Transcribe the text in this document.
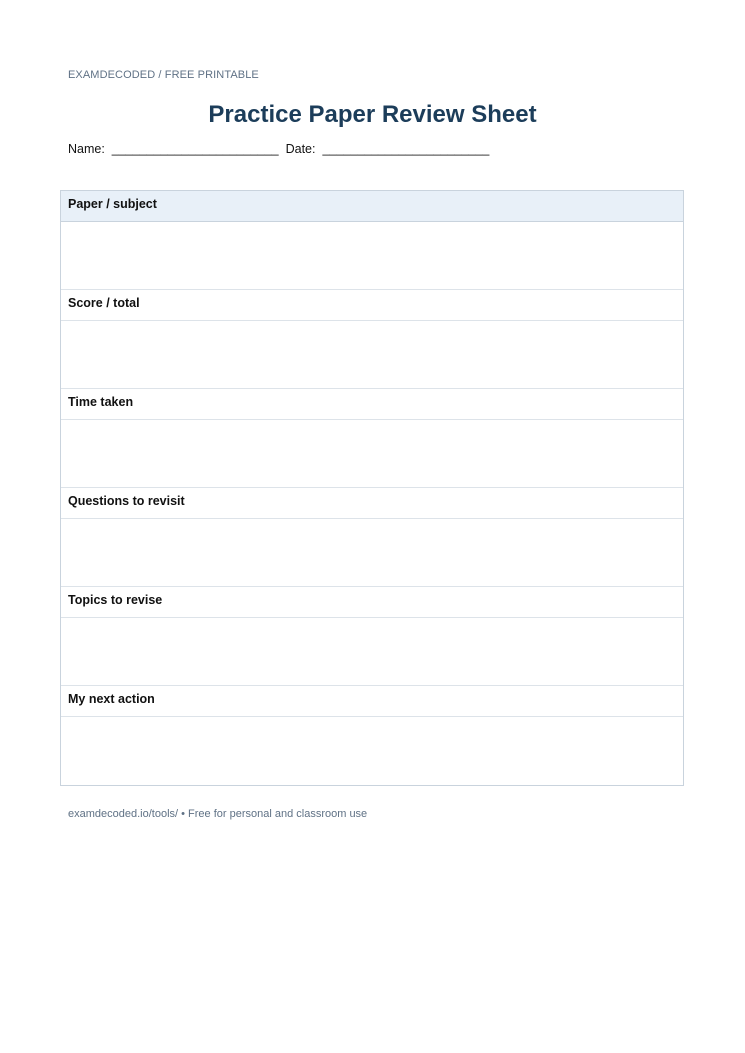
EXAMDECODED / FREE PRINTABLE
Practice Paper Review Sheet
Name:  ________________________  Date:  ________________________
Paper / subject
Score / total
Time taken
Questions to revisit
Topics to revise
My next action
examdecoded.io/tools/ • Free for personal and classroom use
